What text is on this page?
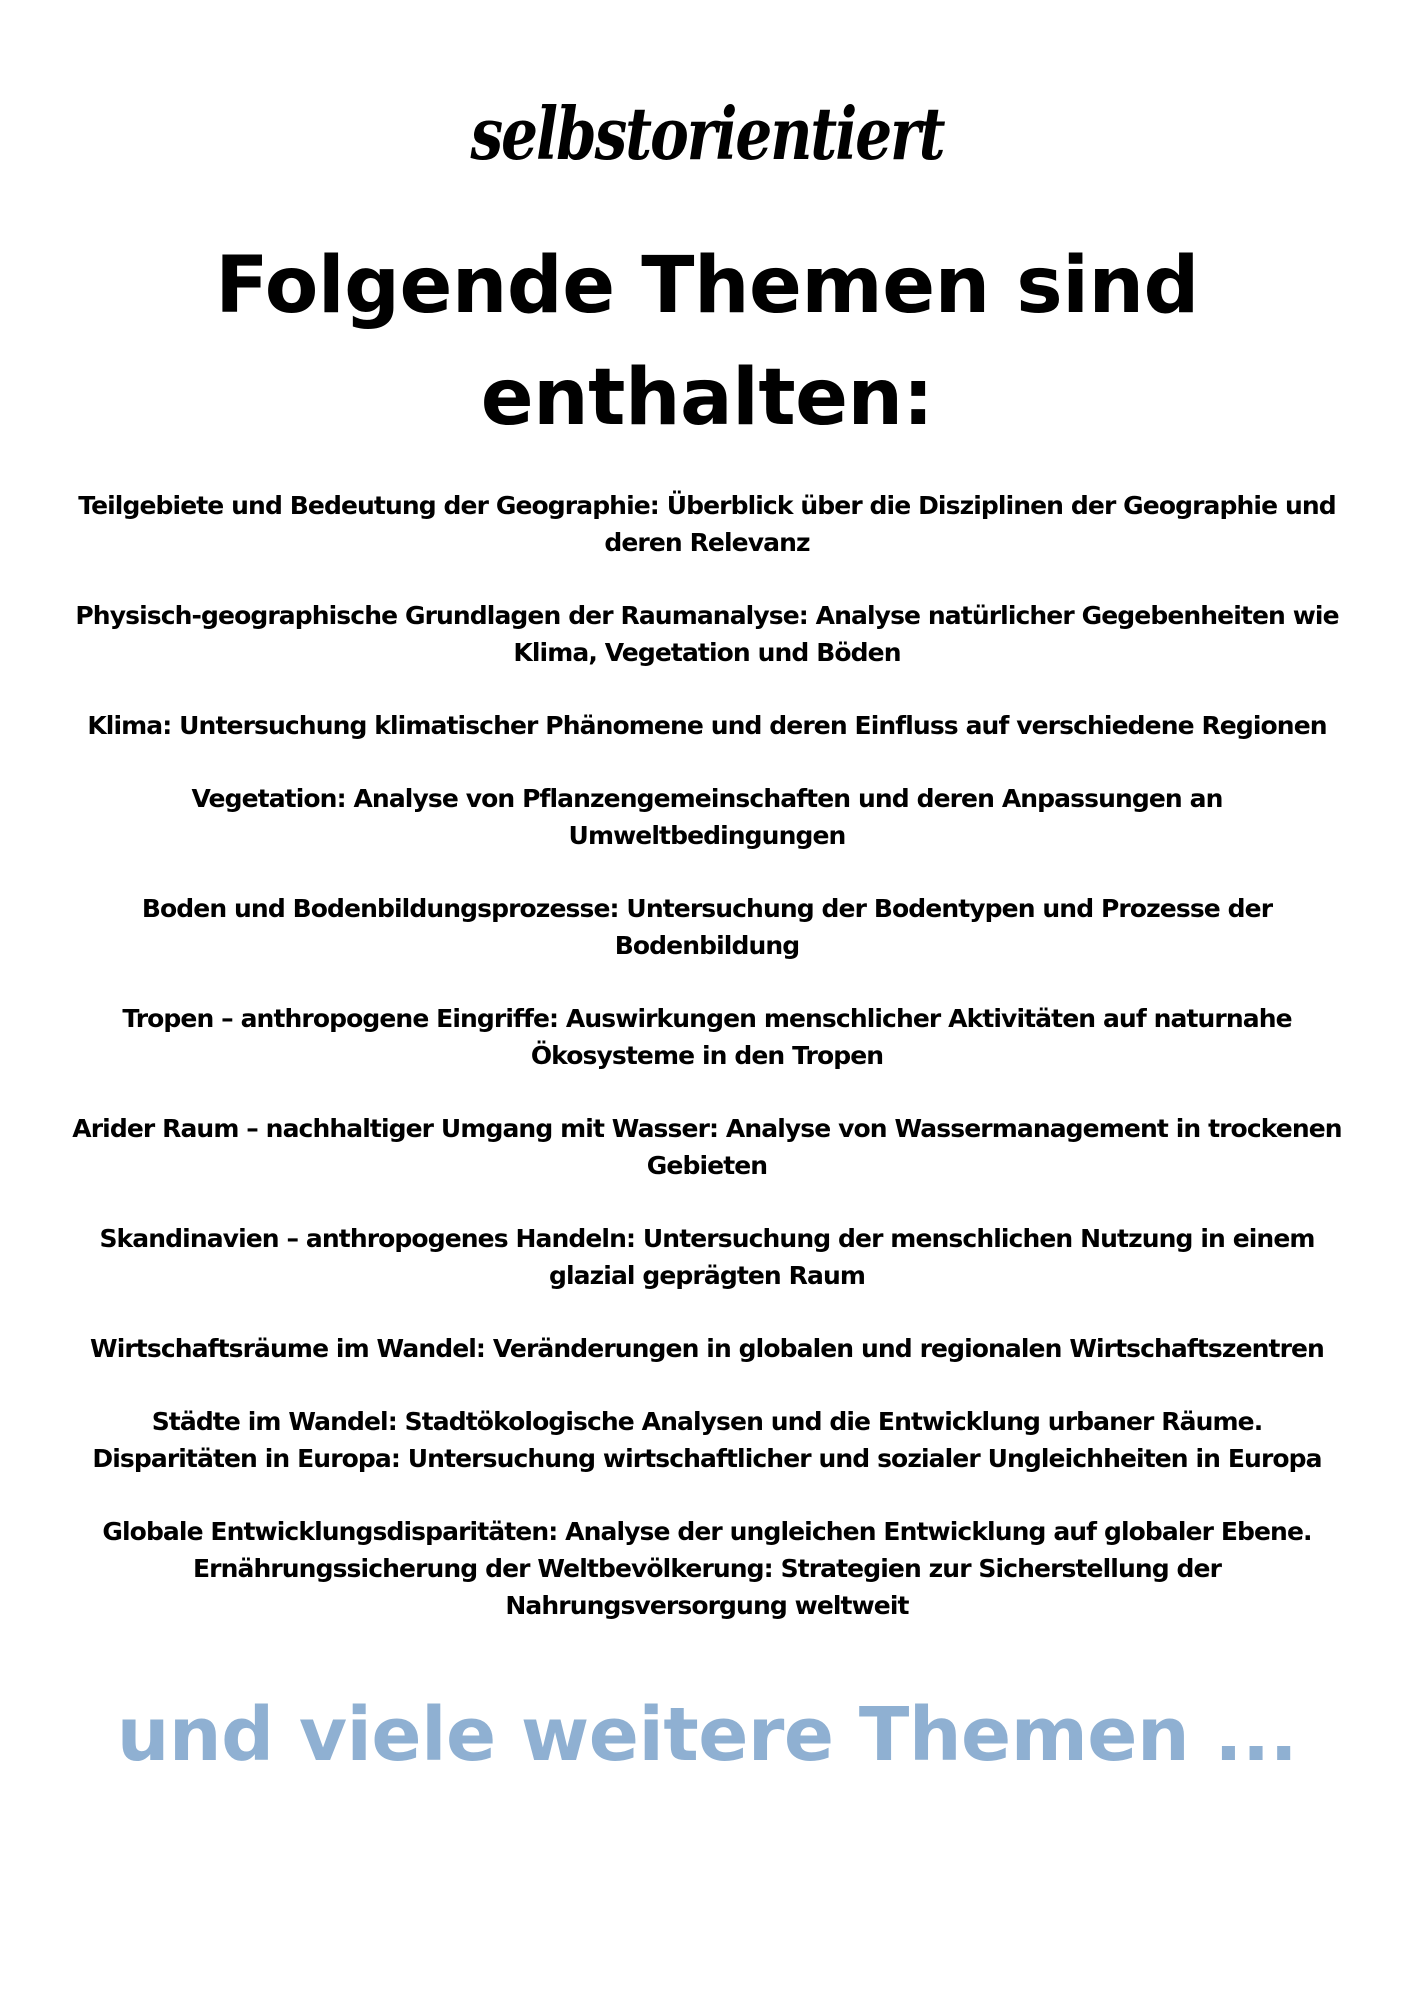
selbstorientiert
Folgende Themen sind
enthalten:

Teilgebiete und Bedeutung der Geographie: Überblick über die Disziplinen der Geographie und
deren Relevanz

Physisch-geographische Grundlagen der Raumanalyse: Analyse natürlicher Gegebenheiten wie
Klima, Vegetation und Böden

Klima: Untersuchung klimatischer Phänomene und deren Einfluss auf verschiedene Regionen

Vegetation: Analyse von Pflanzengemeinschaften und deren Anpassungen an
Umweltbedingungen

Boden und Bodenbildungsprozesse: Untersuchung der Bodentypen und Prozesse der
Bodenbildung

Tropen – anthropogene Eingriffe: Auswirkungen menschlicher Aktivitäten auf naturnahe
Ökosysteme in den Tropen

Arider Raum – nachhaltiger Umgang mit Wasser: Analyse von Wassermanagement in trockenen
Gebieten

Skandinavien – anthropogenes Handeln: Untersuchung der menschlichen Nutzung in einem
glazial geprägten Raum

Wirtschaftsräume im Wandel: Veränderungen in globalen und regionalen Wirtschaftszentren

Städte im Wandel: Stadtökologische Analysen und die Entwicklung urbaner Räume.
Disparitäten in Europa: Untersuchung wirtschaftlicher und sozialer Ungleichheiten in Europa

Globale Entwicklungsdisparitäten: Analyse der ungleichen Entwicklung auf globaler Ebene.
Ernährungssicherung der Weltbevölkerung: Strategien zur Sicherstellung der
Nahrungsversorgung weltweit

und viele weitere Themen ...
